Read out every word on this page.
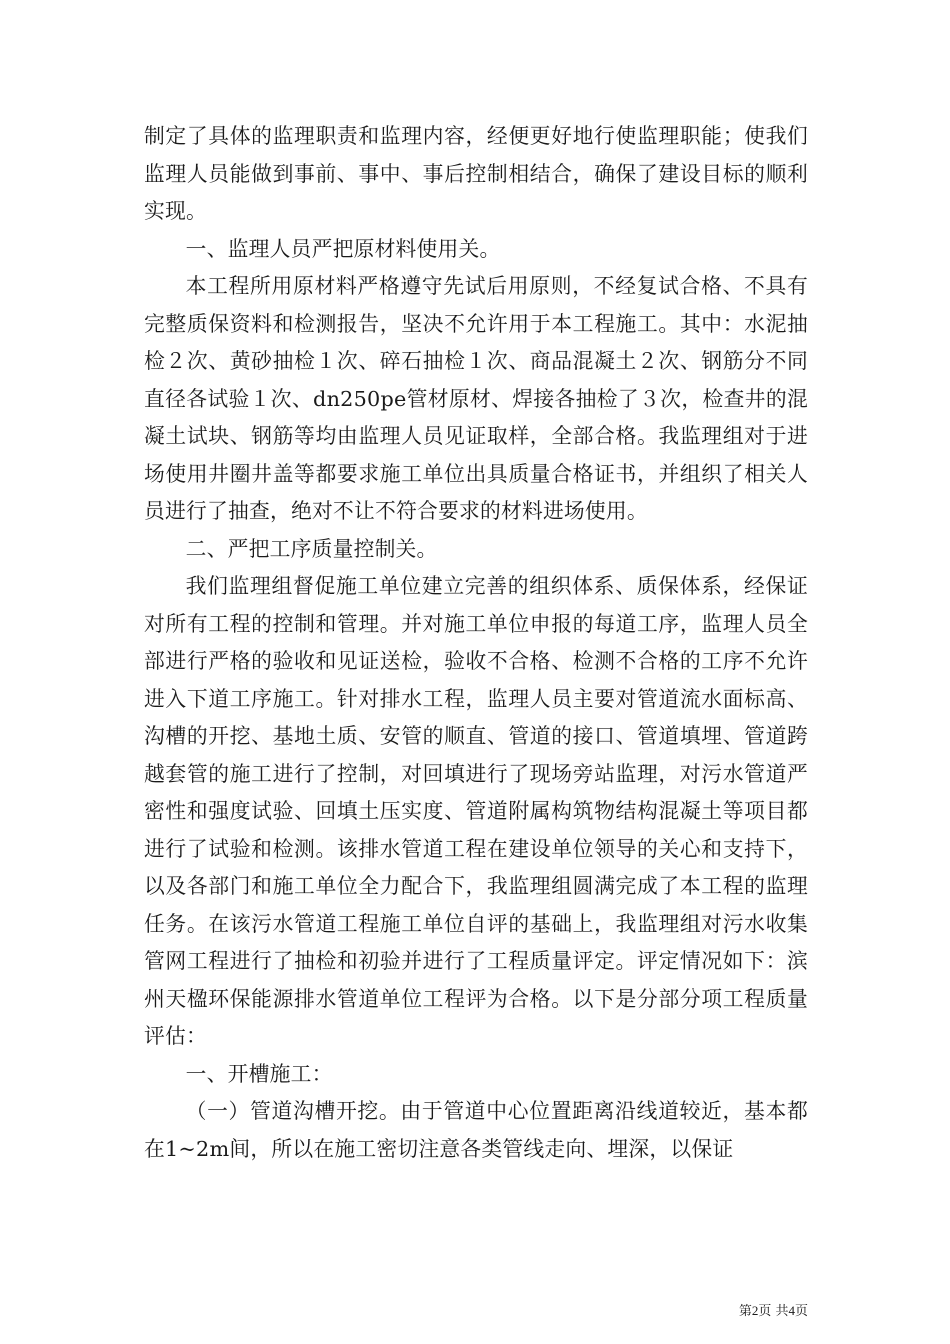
制定了具体的监理职责和监理内容，经便更好地行使监理职能；使我们监理人员能做到事前、事中、事后控制相结合，确保了建设目标的顺利实现。

一、监理人员严把原材料使用关。

本工程所用原材料严格遵守先试后用原则，不经复试合格、不具有完整质保资料和检测报告，坚决不允许用于本工程施工。其中：水泥抽检２次、黄砂抽检１次、碎石抽检１次、商品混凝土２次、钢筋分不同直径各试验１次、dn250pe管材原材、焊接各抽检了３次，检查井的混凝土试块、钢筋等均由监理人员见证取样，全部合格。我监理组对于进场使用井圈井盖等都要求施工单位出具质量合格证书，并组织了相关人员进行了抽查，绝对不让不符合要求的材料进场使用。

二、严把工序质量控制关。

我们监理组督促施工单位建立完善的组织体系、质保体系，经保证对所有工程的控制和管理。并对施工单位申报的每道工序，监理人员全部进行严格的验收和见证送检，验收不合格、检测不合格的工序不允许进入下道工序施工。针对排水工程，监理人员主要对管道流水面标高、沟槽的开挖、基地土质、安管的顺直、管道的接口、管道填埋、管道跨越套管的施工进行了控制，对回填进行了现场旁站监理，对污水管道严密性和强度试验、回填土压实度、管道附属构筑物结构混凝土等项目都进行了试验和检测。该排水管道工程在建设单位领导的关心和支持下，以及各部门和施工单位全力配合下，我监理组圆满完成了本工程的监理任务。在该污水管道工程施工单位自评的基础上，我监理组对污水收集管网工程进行了抽检和初验并进行了工程质量评定。评定情况如下：滨州天楹环保能源排水管道单位工程评为合格。以下是分部分项工程质量评估：

一、开槽施工：

（一）管道沟槽开挖。由于管道中心位置距离沿线道较近，基本都在1~2m间，所以在施工密切注意各类管线走向、埋深，以保证

第2页 共4页
